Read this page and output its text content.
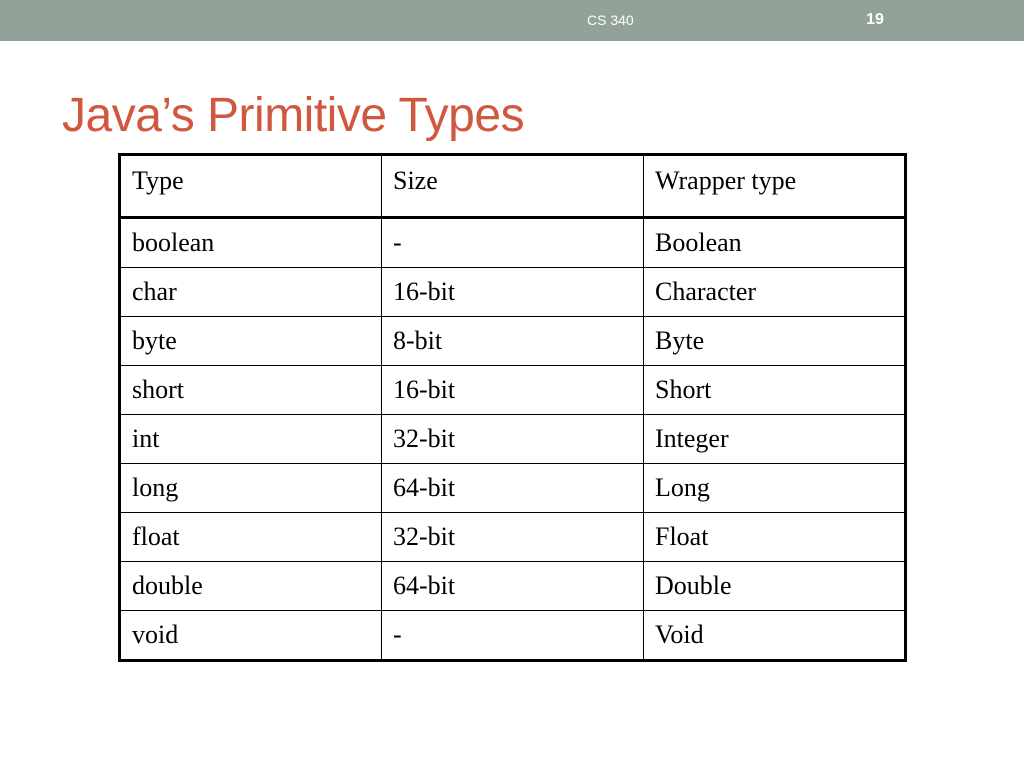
CS 340	19
Java’s Primitive Types
Type	Size	Wrapper type
boolean	-	Boolean
char	16-bit	Character
byte	8-bit	Byte
short	16-bit	Short
int	32-bit	Integer
long	64-bit	Long
float	32-bit	Float
double	64-bit	Double
void	-	Void
